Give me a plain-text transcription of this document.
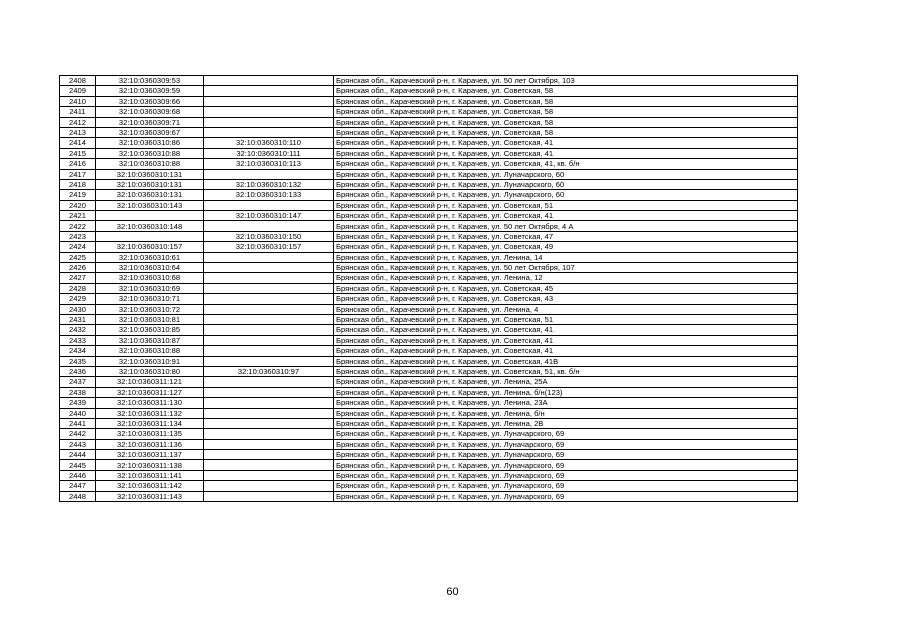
2408	32:10:0360309:53		Брянская обл., Карачевский р-н, г. Карачев, ул. 50 лет Октября, 103
2409	32:10:0360309:59		Брянская обл., Карачевский р-н, г. Карачев, ул. Советская, 58
2410	32:10:0360309:66		Брянская обл., Карачевский р-н, г. Карачев, ул. Советская, 58
2411	32:10:0360309:68		Брянская обл., Карачевский р-н, г. Карачев, ул. Советская, 58
2412	32:10:0360309:71		Брянская обл., Карачевский р-н, г. Карачев, ул. Советская, 58
2413	32:10:0360309:67		Брянская обл., Карачевский р-н, г. Карачев, ул. Советская, 58
2414	32:10:0360310:86	32:10:0360310:110	Брянская обл., Карачевский р-н, г. Карачев, ул. Советская, 41
2415	32:10:0360310:88	32:10:0360310:111	Брянская обл., Карачевский р-н, г. Карачев, ул. Советская, 41
2416	32:10:0360310:88	32:10:0360310:113	Брянская обл., Карачевский р-н, г. Карачев, ул. Советская, 41, кв. б/н
2417	32:10:0360310:131		Брянская обл., Карачевский р-н, г. Карачев, ул. Луначарского, 60
2418	32:10:0360310:131	32:10:0360310:132	Брянская обл., Карачевский р-н, г. Карачев, ул. Луначарского, 60
2419	32:10:0360310:131	32:10:0360310:133	Брянская обл., Карачевский р-н, г. Карачев, ул. Луначарского, 60
2420	32:10:0360310:143		Брянская обл., Карачевский р-н, г. Карачев, ул. Советская, 51
2421		32:10:0360310:147	Брянская обл., Карачевский р-н, г. Карачев, ул. Советская, 41
2422	32:10:0360310:148		Брянская обл., Карачевский р-н, г. Карачев, ул. 50 лет Октября, 4 А
2423		32:10:0360310:150	Брянская обл., Карачевский р-н, г. Карачев, ул. Советская, 47
2424	32:10:0360310:157	32:10:0360310:157	Брянская обл., Карачевский р-н, г. Карачев, ул. Советская, 49
2425	32:10:0360310:61		Брянская обл., Карачевский р-н, г. Карачев, ул. Ленина, 14
2426	32:10:0360310:64		Брянская обл., Карачевский р-н, г. Карачев, ул. 50 лет Октября, 107
2427	32:10:0360310:68		Брянская обл., Карачевский р-н, г. Карачев, ул. Ленина, 12
2428	32:10:0360310:69		Брянская обл., Карачевский р-н, г. Карачев, ул. Советская, 45
2429	32:10:0360310:71		Брянская обл., Карачевский р-н, г. Карачев, ул. Советская, 43
2430	32:10:0360310:72		Брянская обл., Карачевский р-н, г. Карачев, ул. Ленина, 4
2431	32:10:0360310:81		Брянская обл., Карачевский р-н, г. Карачев, ул. Советская, 51
2432	32:10:0360310:85		Брянская обл., Карачевский р-н, г. Карачев, ул. Советская, 41
2433	32:10:0360310:87		Брянская обл., Карачевский р-н, г. Карачев, ул. Советская, 41
2434	32:10:0360310:88		Брянская обл., Карачевский р-н, г. Карачев, ул. Советская, 41
2435	32:10:0360310:91		Брянская обл., Карачевский р-н, г. Карачев, ул. Советская, 41В
2436	32:10:0360310:80	32:10:0360310:97	Брянская обл., Карачевский р-н, г. Карачев, ул. Советская, 51, кв. б/н
2437	32:10:0360311:121		Брянская обл., Карачевский р-н, г. Карачев, ул. Ленина, 25А
2438	32:10:0360311:127		Брянская обл., Карачевский р-н, г. Карачев, ул. Ленина, б/н(123)
2439	32:10:0360311:130		Брянская обл., Карачевский р-н, г. Карачев, ул. Ленина, 23А
2440	32:10:0360311:132		Брянская обл., Карачевский р-н, г. Карачев, ул. Ленина, б/н
2441	32:10:0360311:134		Брянская обл., Карачевский р-н, г. Карачев, ул. Ленина, 2В
2442	32:10:0360311:135		Брянская обл., Карачевский р-н, г. Карачев, ул. Луначарского, 69
2443	32:10:0360311:136		Брянская обл., Карачевский р-н, г. Карачев, ул. Луначарского, 69
2444	32:10:0360311:137		Брянская обл., Карачевский р-н, г. Карачев, ул. Луначарского, 69
2445	32:10:0360311:138		Брянская обл., Карачевский р-н, г. Карачев, ул. Луначарского, 69
2446	32:10:0360311:141		Брянская обл., Карачевский р-н, г. Карачев, ул. Луначарского, 69
2447	32:10:0360311:142		Брянская обл., Карачевский р-н, г. Карачев, ул. Луначарского, 69
2448	32:10:0360311:143		Брянская обл., Карачевский р-н, г. Карачев, ул. Луначарского, 69
60
